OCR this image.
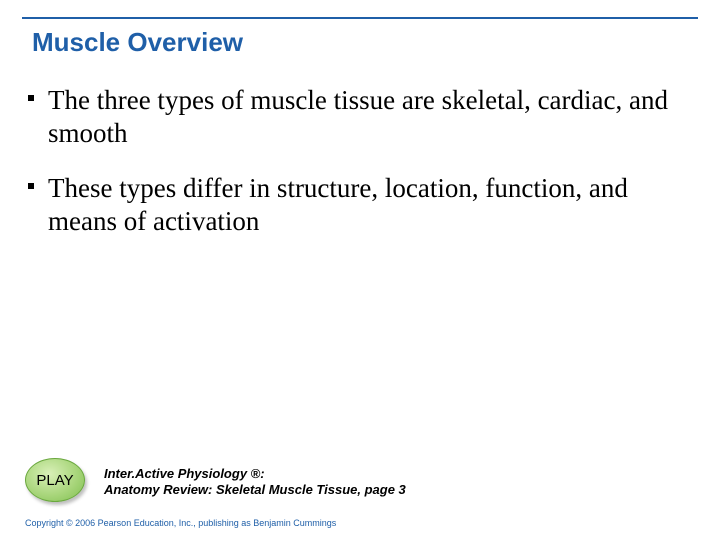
Muscle Overview
The three types of muscle tissue are skeletal, cardiac, and smooth
These types differ in structure, location, function, and means of activation
PLAY	Inter.Active Physiology ®:
Anatomy Review: Skeletal Muscle Tissue, page 3
Copyright © 2006 Pearson Education, Inc., publishing as Benjamin Cummings
